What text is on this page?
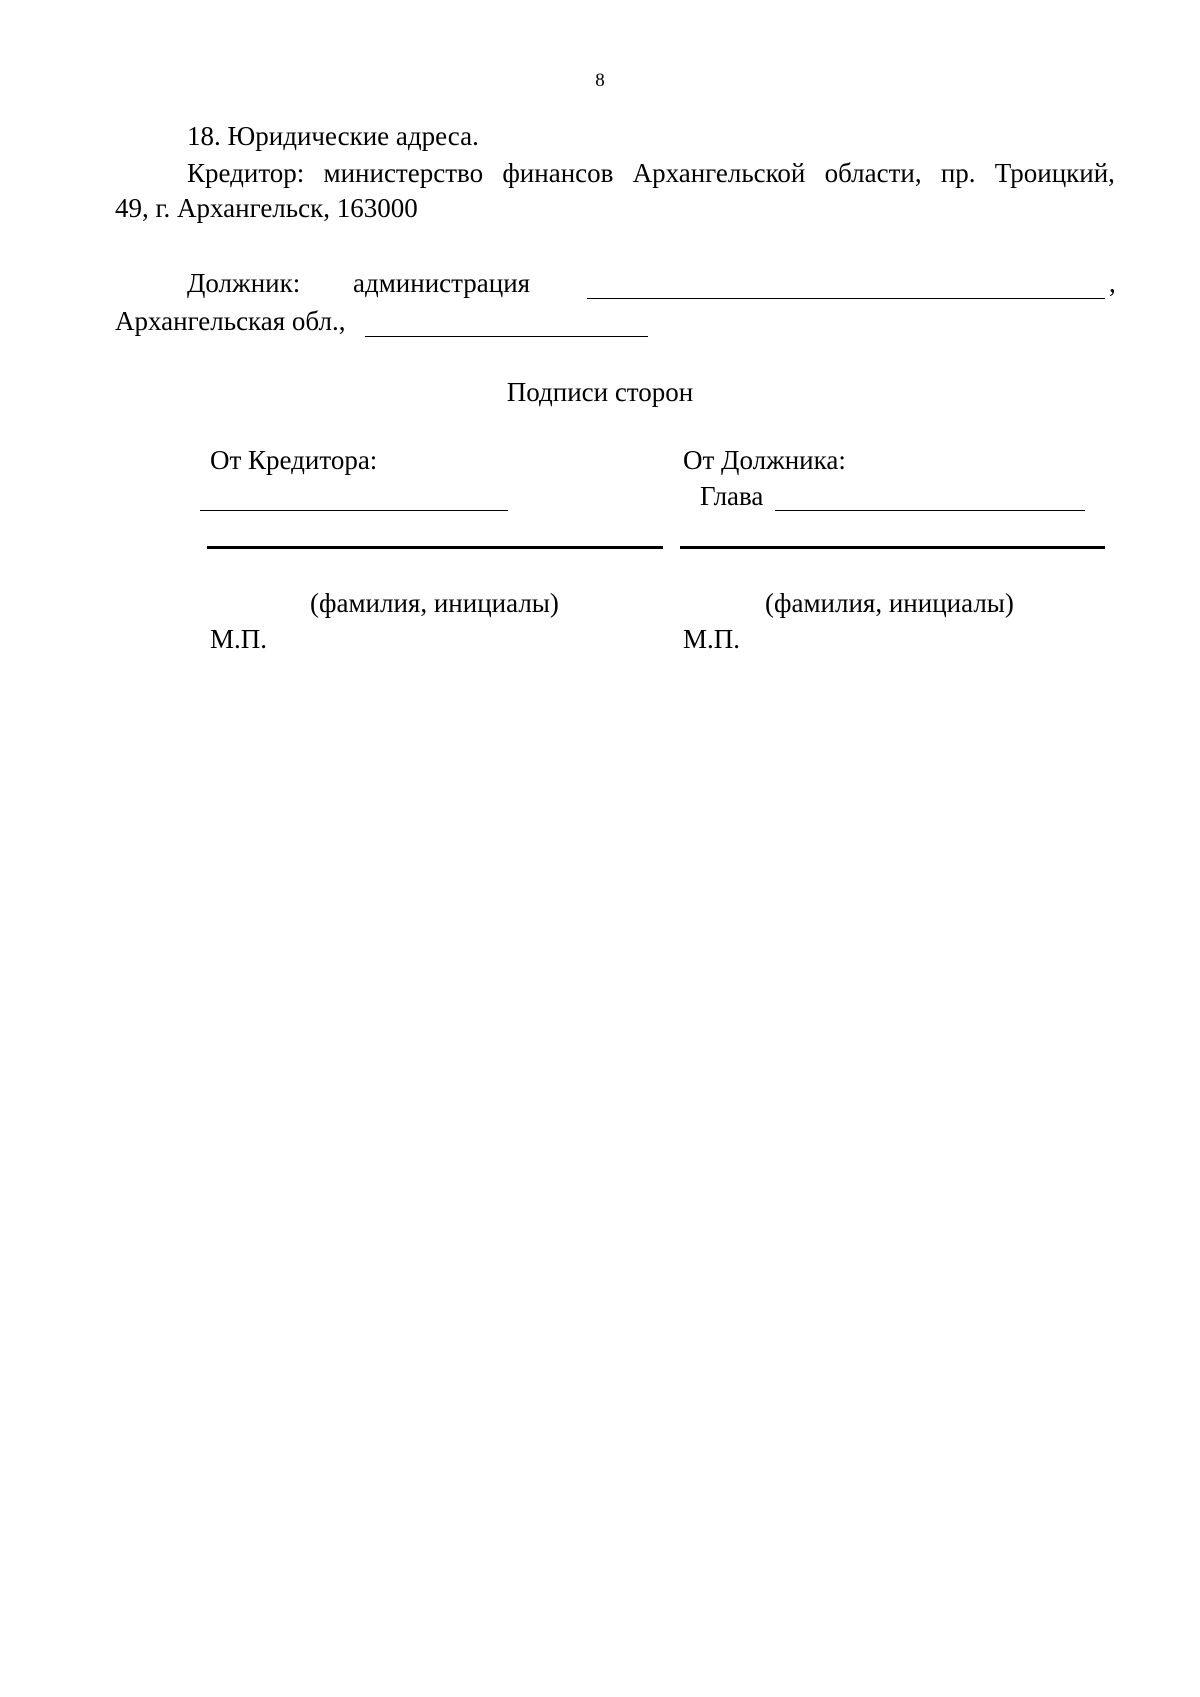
8
18. Юридические адреса.
Кредитор: министерство финансов Архангельской области, пр. Троицкий,
49, г. Архангельск, 163000
Должник: администрация	,
Архангельская обл.,
Подписи сторон
От Кредитора:	От Должника:
Глава
(фамилия, инициалы)	(фамилия, инициалы)
М.П.	М.П.
